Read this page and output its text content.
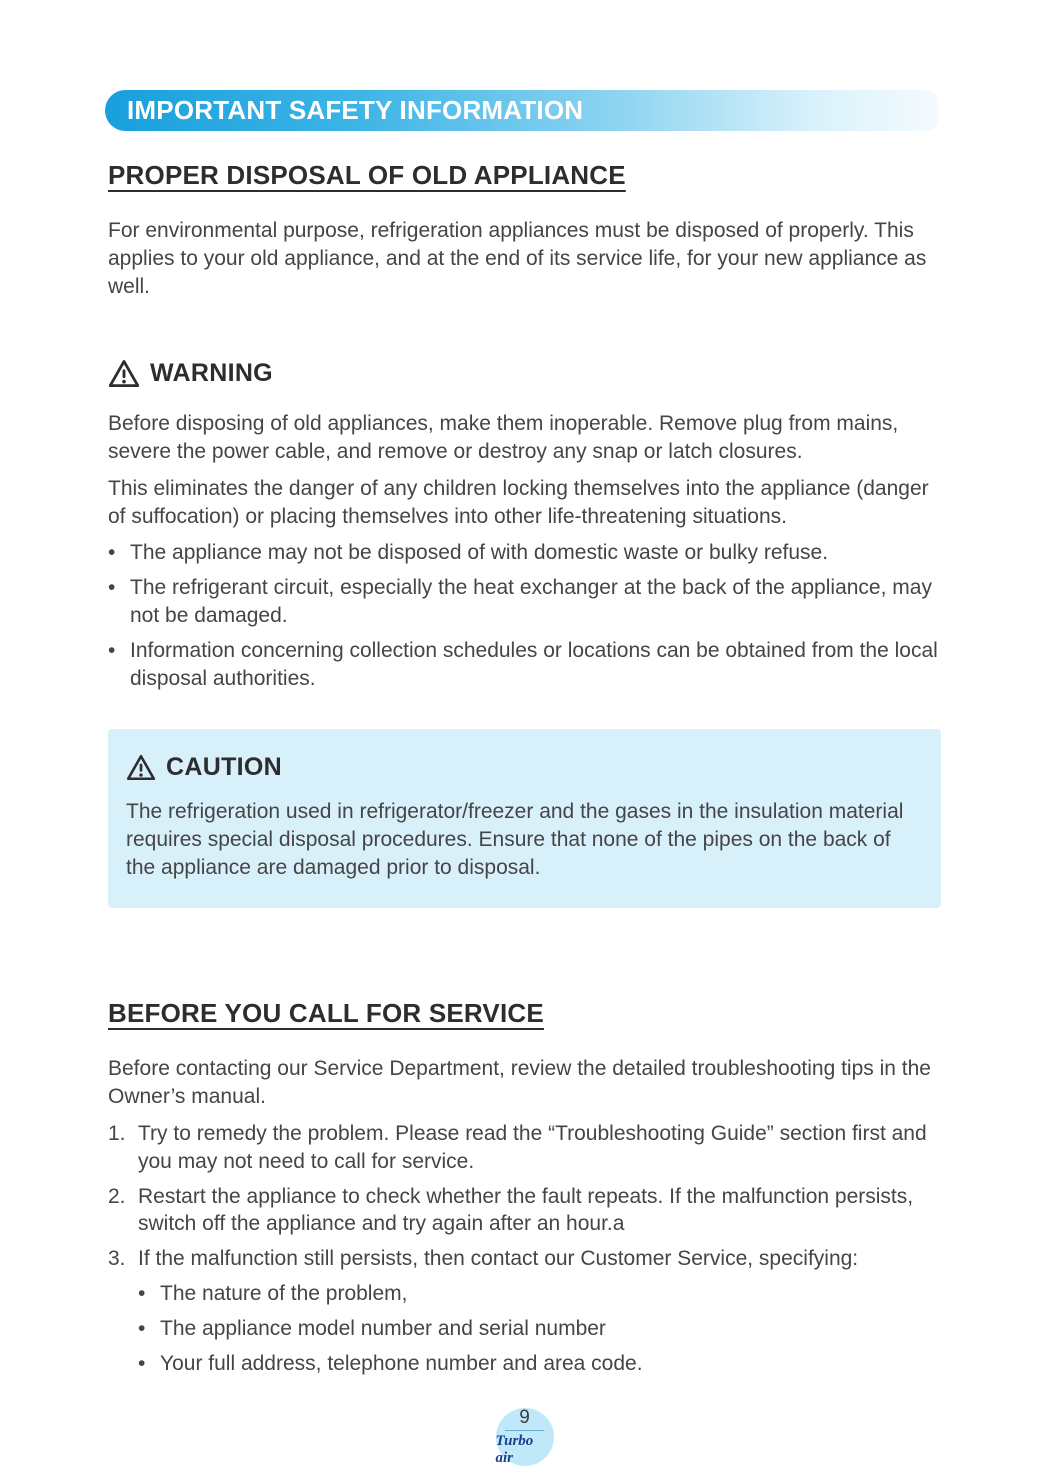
IMPORTANT SAFETY INFORMATION
PROPER DISPOSAL OF OLD APPLIANCE

For environmental purpose, refrigeration appliances must be disposed of properly. This applies to your old appliance, and at the end of its service life, for your new appliance as well.

WARNING

Before disposing of old appliances, make them inoperable. Remove plug from mains, severe the power cable, and remove or destroy any snap or latch closures.

This eliminates the danger of any children locking themselves into the appliance (danger of suffocation) or placing themselves into other life-threatening situations.

• The appliance may not be disposed of with domestic waste or bulky refuse.
• The refrigerant circuit, especially the heat exchanger at the back of the appliance, may not be damaged.
• Information concerning collection schedules or locations can be obtained from the local disposal authorities.
CAUTION

The refrigeration used in refrigerator/freezer and the gases in the insulation material requires special disposal procedures. Ensure that none of the pipes on the back of the appliance are damaged prior to disposal.

BEFORE YOU CALL FOR SERVICE

Before contacting our Service Department, review the detailed troubleshooting tips in the Owner’s manual.

1. Try to remedy the problem. Please read the “Troubleshooting Guide” section first and you may not need to call for service.
2. Restart the appliance to check whether the fault repeats. If the malfunction persists, switch off the appliance and try again after an hour.a
3. If the malfunction still persists, then contact our Customer Service, specifying:
• The nature of the problem,
• The appliance model number and serial number
• Your full address, telephone number and area code.
9
Turbo air
